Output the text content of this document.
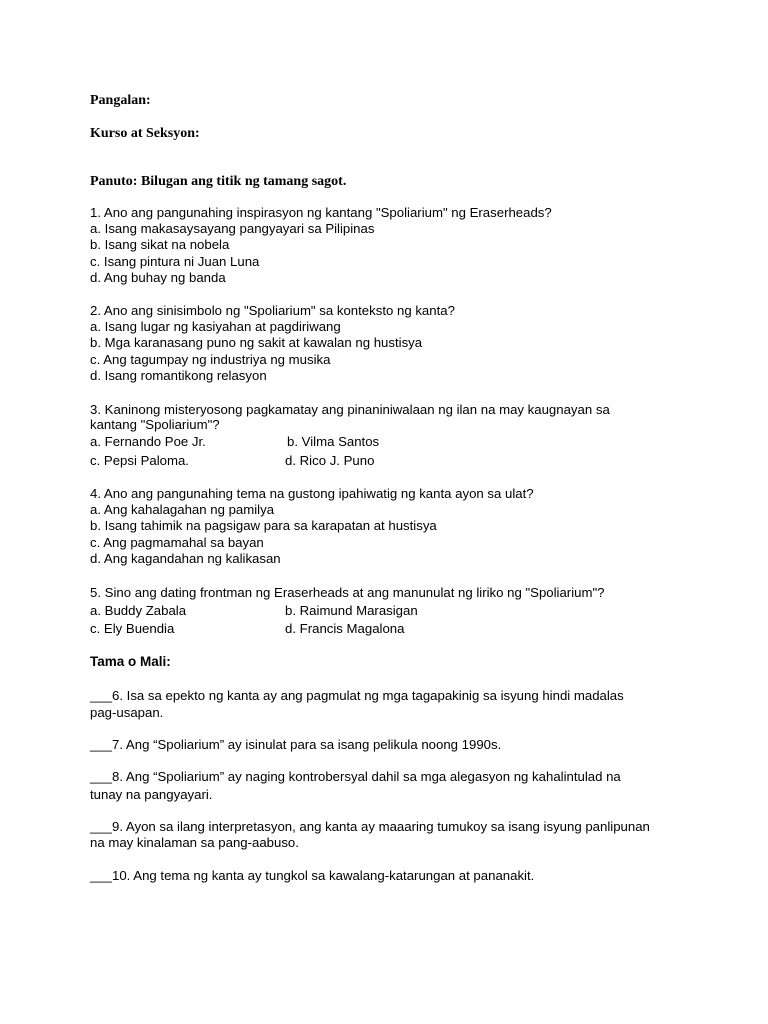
Pangalan:
Kurso at Seksyon:
Panuto: Bilugan ang titik ng tamang sagot.
1. Ano ang pangunahing inspirasyon ng kantang "Spoliarium" ng Eraserheads?
a. Isang makasaysayang pangyayari sa Pilipinas
b. Isang sikat na nobela
c. Isang pintura ni Juan Luna
d. Ang buhay ng banda
2. Ano ang sinisimbolo ng "Spoliarium" sa konteksto ng kanta?
a. Isang lugar ng kasiyahan at pagdiriwang
b. Mga karanasang puno ng sakit at kawalan ng hustisya
c. Ang tagumpay ng industriya ng musika
d. Isang romantikong relasyon
3. Kaninong misteryosong pagkamatay ang pinaniniwalaan ng ilan na may kaugnayan sa
kantang "Spoliarium"?
a. Fernando Poe Jr.	b. Vilma Santos
c. Pepsi Paloma.	d. Rico J. Puno
4. Ano ang pangunahing tema na gustong ipahiwatig ng kanta ayon sa ulat?
a. Ang kahalagahan ng pamilya
b. Isang tahimik na pagsigaw para sa karapatan at hustisya
c. Ang pagmamahal sa bayan
d. Ang kagandahan ng kalikasan
5. Sino ang dating frontman ng Eraserheads at ang manunulat ng liriko ng "Spoliarium"?
a. Buddy Zabala	b. Raimund Marasigan
c. Ely Buendia	d. Francis Magalona
Tama o Mali:
___6. Isa sa epekto ng kanta ay ang pagmulat ng mga tagapakinig sa isyung hindi madalas
pag-usapan.
___7. Ang “Spoliarium” ay isinulat para sa isang pelikula noong 1990s.
___8. Ang “Spoliarium” ay naging kontrobersyal dahil sa mga alegasyon ng kahalintulad na
tunay na pangyayari.
___9. Ayon sa ilang interpretasyon, ang kanta ay maaaring tumukoy sa isang isyung panlipunan
na may kinalaman sa pang-aabuso.
___10. Ang tema ng kanta ay tungkol sa kawalang-katarungan at pananakit.
